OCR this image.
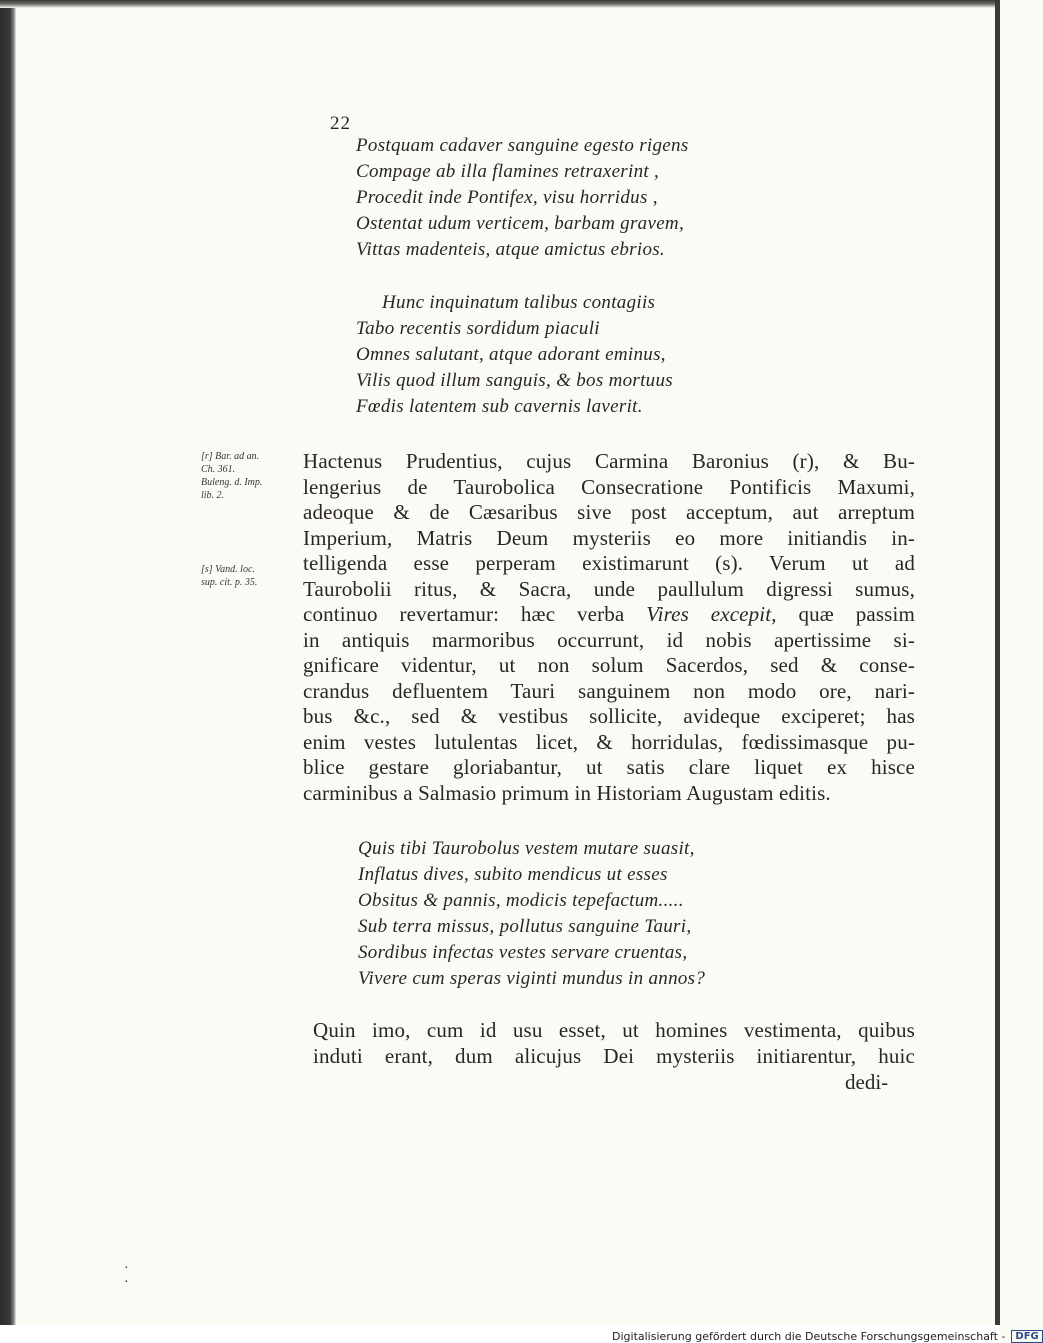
22
Postquam cadaver sanguine egesto rigens
Compage ab illa flamines retraxerint ,
Procedit inde Pontifex, visu horridus ,
Ostentat udum verticem, barbam gravem,
Vittas madenteis, atque amictus ebrios.
Hunc inquinatum talibus contagiis
Tabo recentis sordidum piaculi
Omnes salutant, atque adorant eminus,
Vilis quod illum sanguis, & bos mortuus
Fœdis latentem sub cavernis laverit.
[r] Bar. ad an.
Ch. 361.
Buleng. d. Imp.
lib. 2.
[s] Vand. loc.
sup. cit. p. 35.
Hactenus Prudentius, cujus Carmina Baronius (r), & Bu-
lengerius de Taurobolica Consecratione Pontificis Maxumi,
adeoque & de Cæsaribus sive post acceptum, aut arreptum
Imperium, Matris Deum mysteriis eo more initiandis in-
telligenda esse perperam existimarunt (s). Verum ut ad
Taurobolii ritus, & Sacra, unde paullulum digressi sumus,
continuo revertamur: hæc verba Vires excepit, quæ passim
in antiquis marmoribus occurrunt, id nobis apertissime si-
gnificare videntur, ut non solum Sacerdos, sed & conse-
crandus defluentem Tauri sanguinem non modo ore, nari-
bus &c., sed & vestibus sollicite, avideque exciperet; has
enim vestes lutulentas licet, & horridulas, fœdissimasque pu-
blice gestare gloriabantur, ut satis clare liquet ex hisce
carminibus a Salmasio primum in Historiam Augustam editis.
Quis tibi Taurobolus vestem mutare suasit,
Inflatus dives, subito mendicus ut esses
Obsitus & pannis, modicis tepefactum.....
Sub terra missus, pollutus sanguine Tauri,
Sordibus infectas vestes servare cruentas,
Vivere cum speras viginti mundus in annos?
Quin imo, cum id usu esset, ut homines vestimenta, quibus
induti erant, dum alicujus Dei mysteriis initiarentur, huic
dedi-
·
·
Digitalisierung gefördert durch die Deutsche Forschungsgemeinschaft -	DFG
